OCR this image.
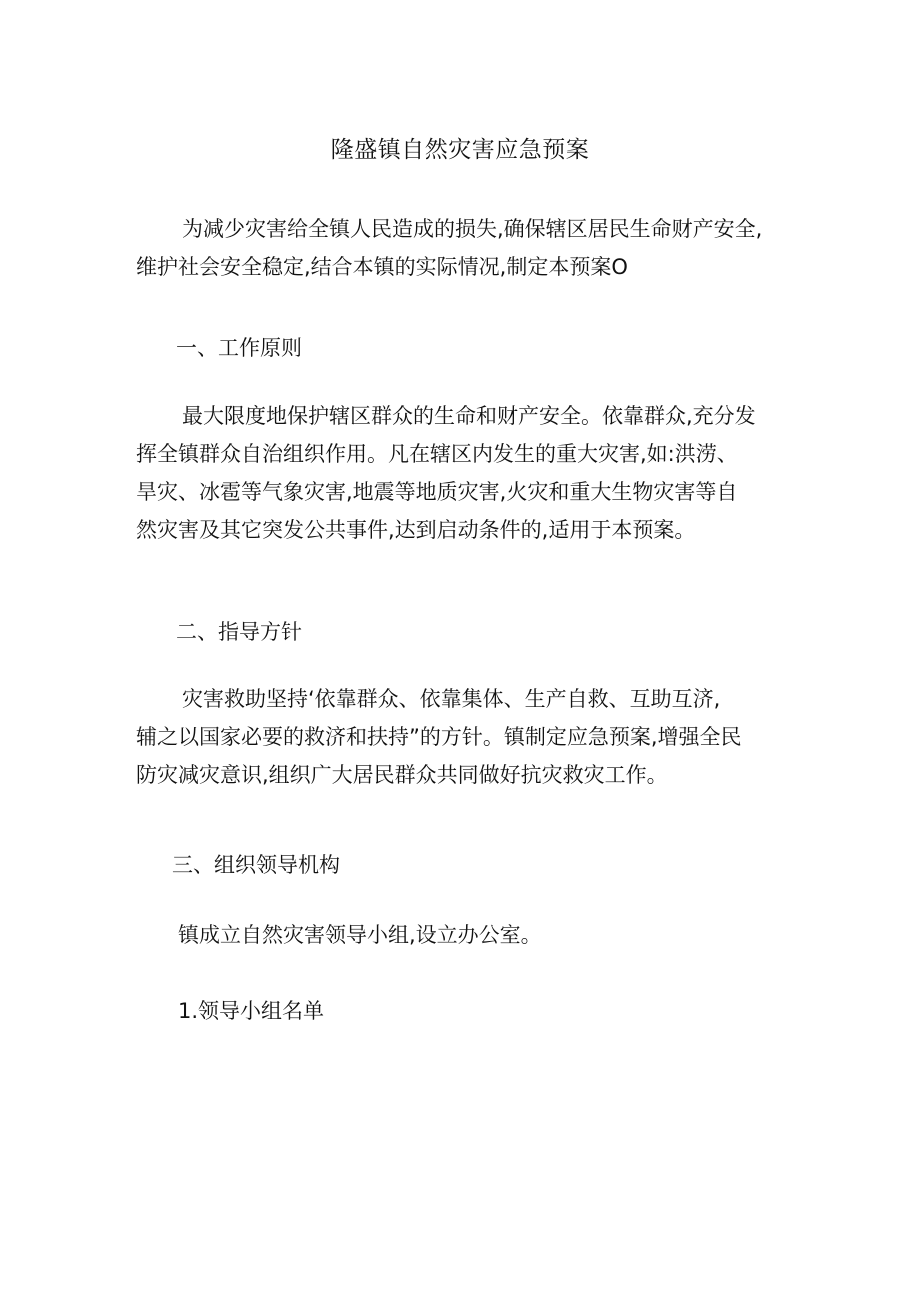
隆盛镇自然灾害应急预案
为减少灾害给全镇人民造成的损失,确保辖区居民生命财产安全,
维护社会安全稳定,结合本镇的实际情况,制定本预案O
一、工作原则
最大限度地保护辖区群众的生命和财产安全。依靠群众,充分发
挥全镇群众自治组织作用。凡在辖区内发生的重大灾害,如:洪涝、
旱灾、冰雹等气象灾害,地震等地质灾害,火灾和重大生物灾害等自
然灾害及其它突发公共事件,达到启动条件的,适用于本预案。
二、指导方针
灾害救助坚持‘依靠群众、依靠集体、生产自救、互助互济,
辅之以国家必要的救济和扶持”的方针。镇制定应急预案,增强全民
防灾减灾意识,组织广大居民群众共同做好抗灾救灾工作。
三、组织领导机构
镇成立自然灾害领导小组,设立办公室。
1.领导小组名单
